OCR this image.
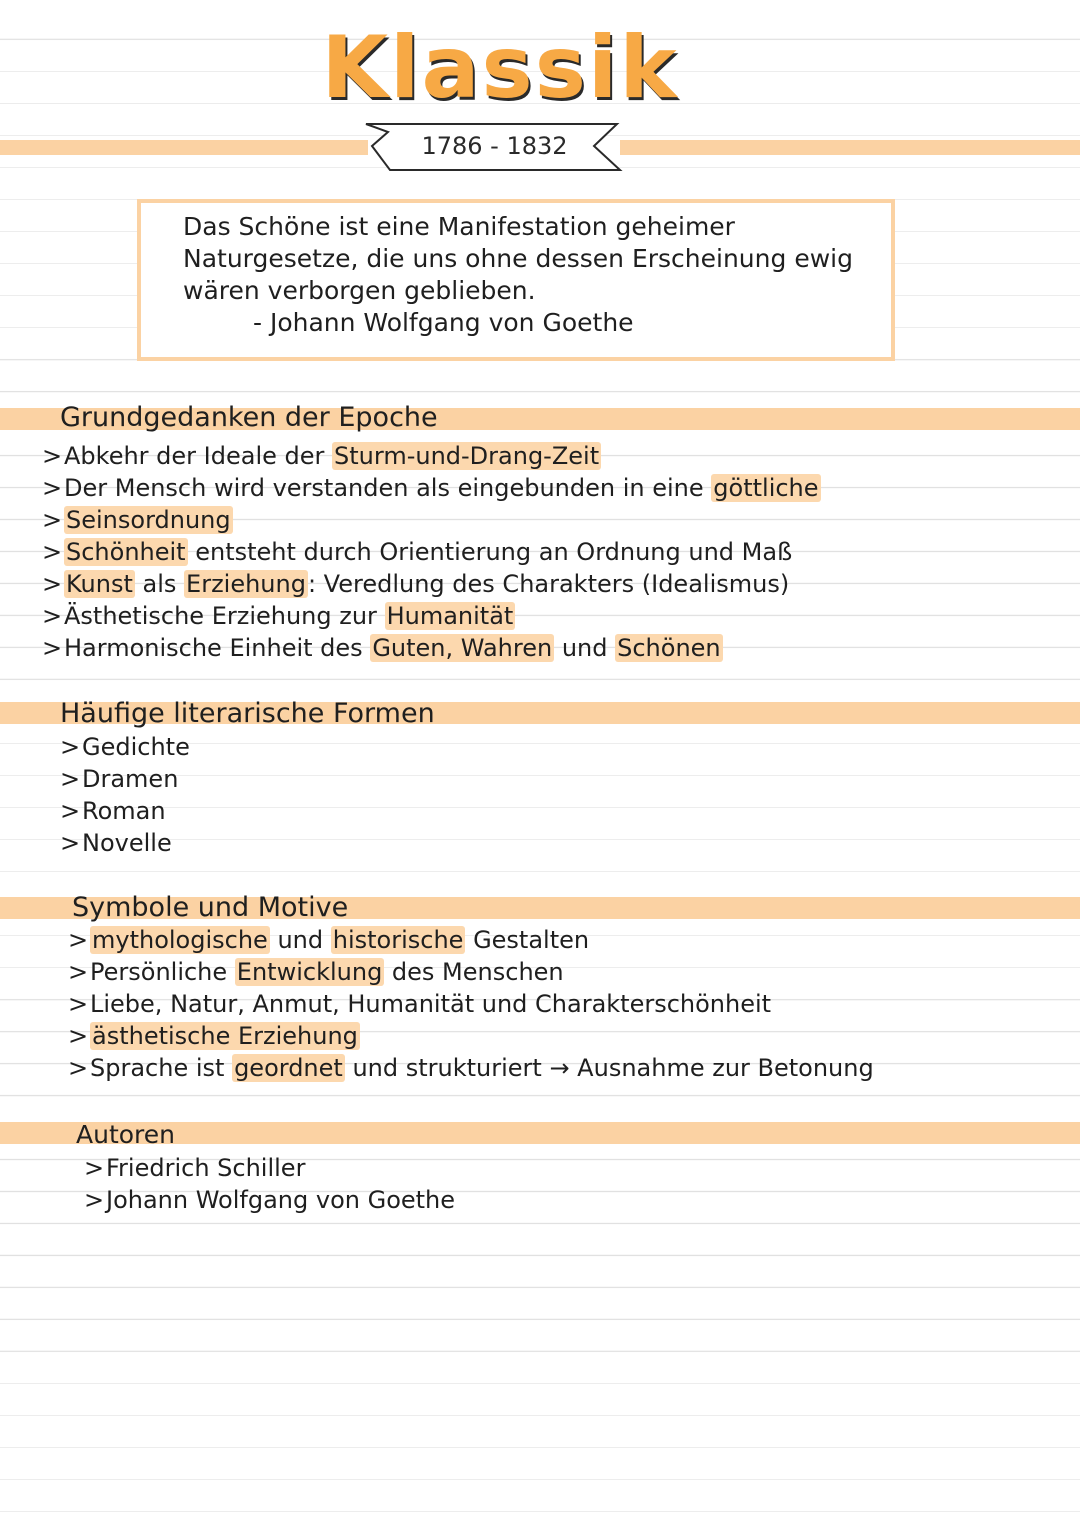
Klassik
1786 - 1832
Das Schöne ist eine Manifestation geheimer Naturgesetze, die uns ohne dessen Erscheinung ewig wären verborgen geblieben.
- Johann Wolfgang von Goethe
Grundgedanken der Epoche
> Abkehr der Ideale der Sturm-und-Drang-Zeit
> Der Mensch wird verstanden als eingebunden in eine göttliche
> Seinsordnung
> Schönheit entsteht durch Orientierung an Ordnung und Maß
> Kunst als Erziehung: Veredlung des Charakters (Idealismus)
> Ästhetische Erziehung zur Humanität
> Harmonische Einheit des Guten, Wahren und Schönen
Häufige literarische Formen
> Gedichte
> Dramen
> Roman
> Novelle
Symbole und Motive
> mythologische und historische Gestalten
> Persönliche Entwicklung des Menschen
> Liebe, Natur, Anmut, Humanität und Charakterschönheit
> ästhetische Erziehung
> Sprache ist geordnet und strukturiert → Ausnahme zur Betonung
Autoren
> Friedrich Schiller
> Johann Wolfgang von Goethe
